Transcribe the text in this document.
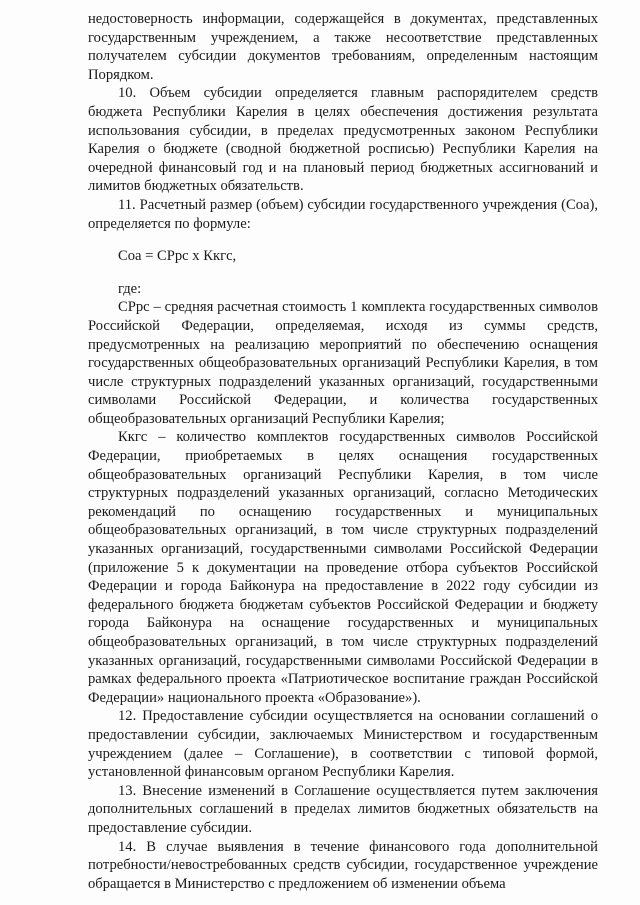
недостоверность информации, содержащейся в документах, представленных государственным учреждением, а также несоответствие представленных получателем субсидии документов требованиям, определенным настоящим Порядком.

10. Объем субсидии определяется главным распорядителем средств бюджета Республики Карелия в целях обеспечения достижения результата использования субсидии, в пределах предусмотренных законом Республики Карелия о бюджете (сводной бюджетной росписью) Республики Карелия на очередной финансовый год и на плановый период бюджетных ассигнований и лимитов бюджетных обязательств.

11. Расчетный размер (объем) субсидии государственного учреждения (Соа), определяется по формуле:

Соа = СРрс х Ккгс,

где:

СРрс – средняя расчетная стоимость 1 комплекта государственных символов Российской Федерации, определяемая, исходя из суммы средств, предусмотренных на реализацию мероприятий по обеспечению оснащения государственных общеобразовательных организаций Республики Карелия, в том числе структурных подразделений указанных организаций, государственными символами Российской Федерации, и количества государственных общеобразовательных организаций Республики Карелия;

Ккгс – количество комплектов государственных символов Российской Федерации, приобретаемых в целях оснащения государственных общеобразовательных организаций Республики Карелия, в том числе структурных подразделений указанных организаций, согласно Методических рекомендаций по оснащению государственных и муниципальных общеобразовательных организаций, в том числе структурных подразделений указанных организаций, государственными символами Российской Федерации (приложение 5 к документации на проведение отбора субъектов Российской Федерации и города Байконура на предоставление в 2022 году субсидии из федерального бюджета бюджетам субъектов Российской Федерации и бюджету города Байконура на оснащение государственных и муниципальных общеобразовательных организаций, в том числе структурных подразделений указанных организаций, государственными символами Российской Федерации в рамках федерального проекта «Патриотическое воспитание граждан Российской Федерации» национального проекта «Образование»).

12. Предоставление субсидии осуществляется на основании соглашений о предоставлении субсидии, заключаемых Министерством и государственным учреждением (далее – Соглашение), в соответствии с типовой формой, установленной финансовым органом Республики Карелия.

13. Внесение изменений в Соглашение осуществляется путем заключения дополнительных соглашений в пределах лимитов бюджетных обязательств на предоставление субсидии.

14. В случае выявления в течение финансового года дополнительной потребности/невостребованных средств субсидии, государственное учреждение обращается в Министерство с предложением об изменении объема
